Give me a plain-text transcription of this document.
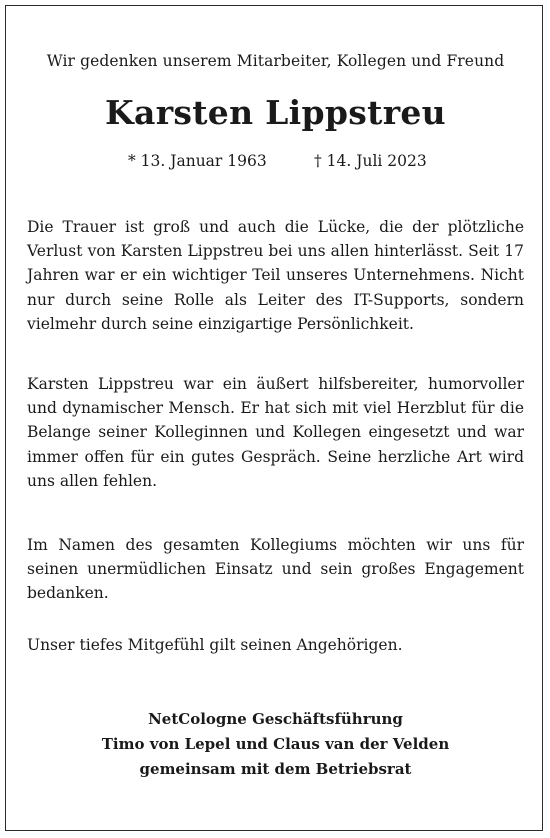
Wir gedenken unserem Mitarbeiter, Kollegen und Freund
Karsten Lippstreu
* 13. Januar 1963	† 14. Juli 2023

Die Trauer ist groß und auch die Lücke, die der plötzliche Verlust von Karsten Lippstreu bei uns allen hinterlässt. Seit 17 Jahren war er ein wichtiger Teil unseres Unternehmens. Nicht nur durch seine Rolle als Leiter des IT-Supports, sondern vielmehr durch seine einzigartige Persönlichkeit.

Karsten Lippstreu war ein äußert hilfsbereiter, humorvoller und dynamischer Mensch. Er hat sich mit viel Herzblut für die Belange seiner Kolleginnen und Kollegen eingesetzt und war immer offen für ein gutes Gespräch. Seine herzliche Art wird uns allen fehlen.

Im Namen des gesamten Kollegiums möchten wir uns für seinen unermüdlichen Einsatz und sein großes Engagement bedanken.

Unser tiefes Mitgefühl gilt seinen Angehörigen.

NetCologne Geschäftsführung
Timo von Lepel und Claus van der Velden
gemeinsam mit dem Betriebsrat
